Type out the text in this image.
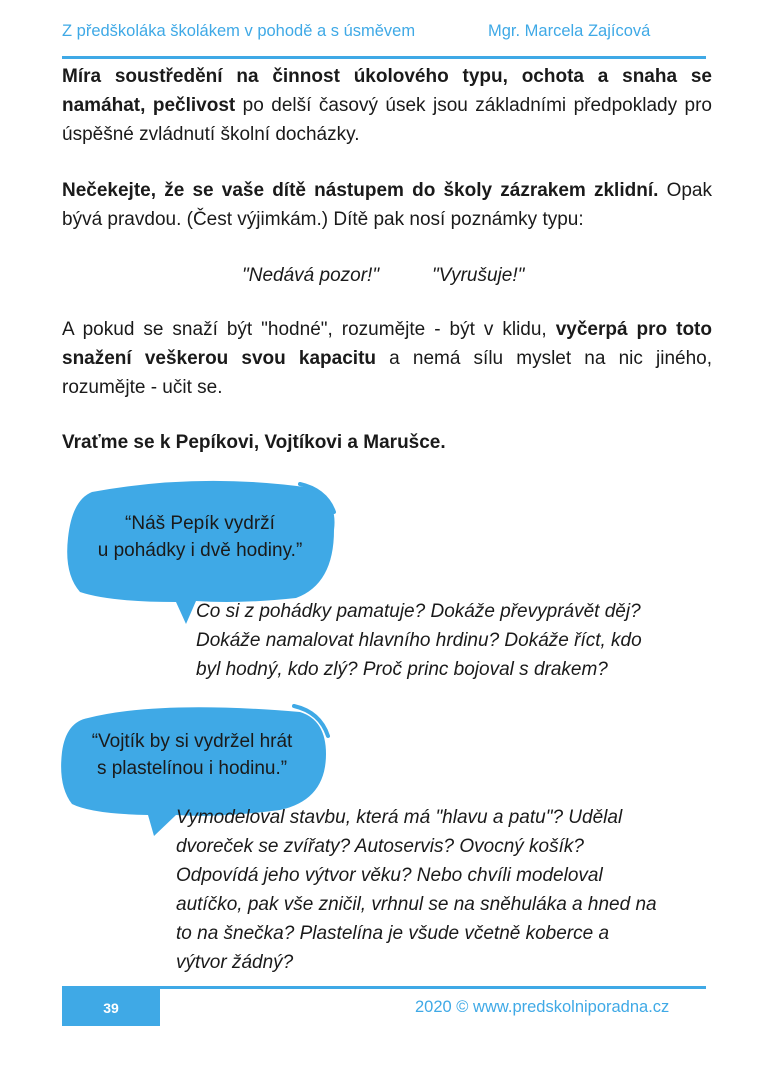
Z předškoláka školákem v pohodě a s úsměvem	Mgr. Marcela Zajícová

Míra soustředění na činnost úkolového typu, ochota a snaha se namáhat, pečlivost po delší časový úsek jsou základními předpoklady pro úspěšné zvládnutí školní docházky.

Nečekejte, že se vaše dítě nástupem do školy zázrakem zklidní. Opak bývá pravdou. (Čest výjimkám.) Dítě pak nosí poznámky typu:

"Nedává pozor!"	"Vyrušuje!"

A pokud se snaží být "hodné", rozumějte - být v klidu, vyčerpá pro toto snažení veškerou svou kapacitu a nemá sílu myslet na nic jiného, rozumějte - učit se.

Vraťme se k Pepíkovi, Vojtíkovi a Marušce.

“Náš Pepík vydrží
u pohádky i dvě hodiny.”
Co si z pohádky pamatuje? Dokáže převyprávět děj?
Dokáže namalovat hlavního hrdinu? Dokáže říct, kdo
byl hodný, kdo zlý? Proč princ bojoval s drakem?
“Vojtík by si vydržel hrát
s plastelínou i hodinu.”
Vymodeloval stavbu, která má "hlavu a patu"? Udělal
dvoreček se zvířaty? Autoservis? Ovocný košík?
Odpovídá jeho výtvor věku? Nebo chvíli modeloval
autíčko, pak vše zničil, vrhnul se na sněhuláka a hned na
to na šnečka? Plastelína je všude včetně koberce a
výtvor žádný?
39	2020 © www.predskolniporadna.cz
